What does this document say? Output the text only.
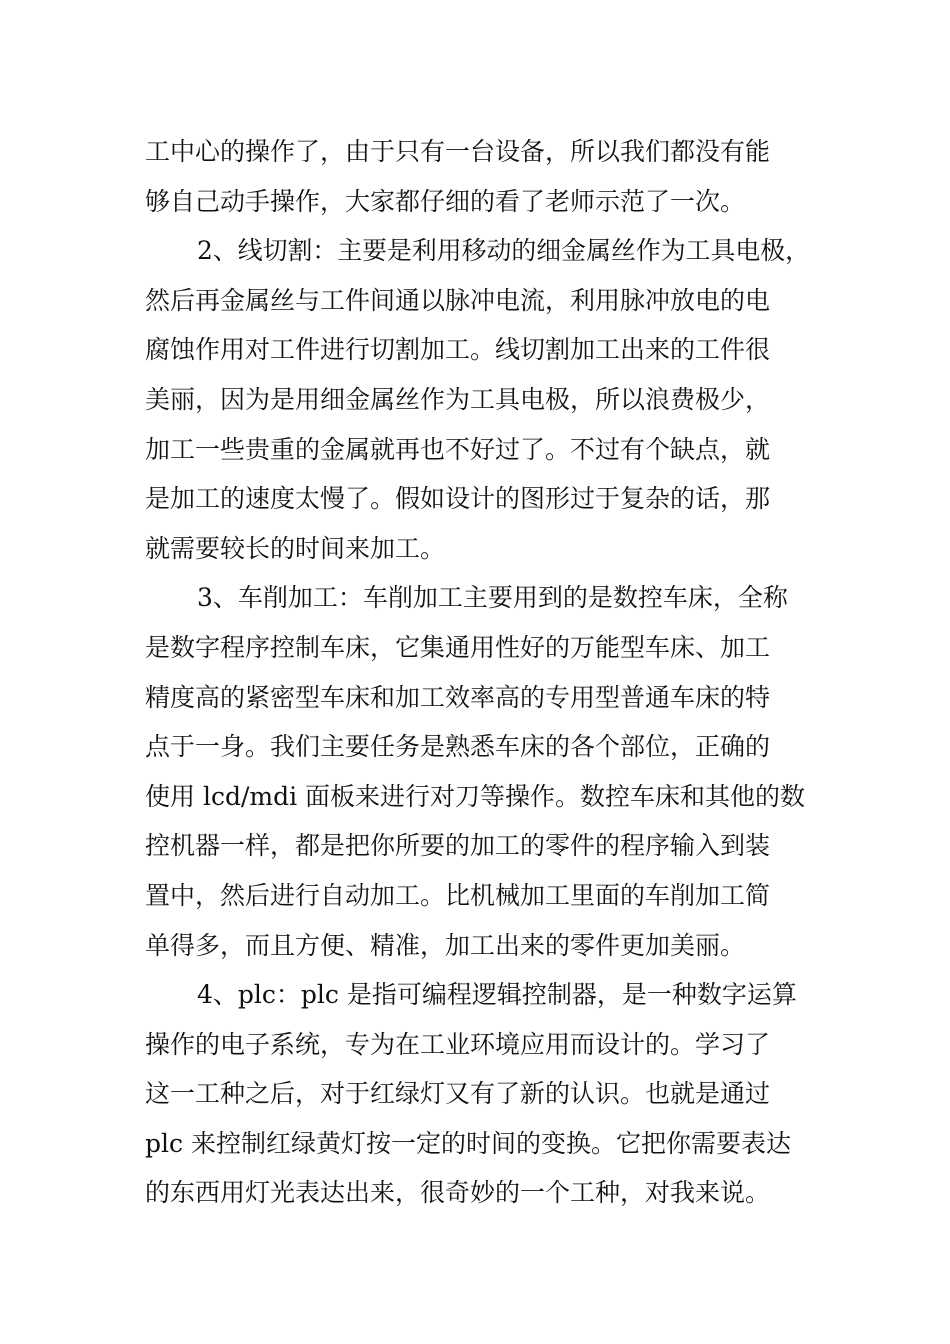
工中心的操作了，由于只有一台设备，所以我们都没有能
够自己动手操作，大家都仔细的看了老师示范了一次。
2、线切割：主要是利用移动的细金属丝作为工具电极，
然后再金属丝与工件间通以脉冲电流，利用脉冲放电的电
腐蚀作用对工件进行切割加工。线切割加工出来的工件很
美丽，因为是用细金属丝作为工具电极，所以浪费极少，
加工一些贵重的金属就再也不好过了。不过有个缺点，就
是加工的速度太慢了。假如设计的图形过于复杂的话，那
就需要较长的时间来加工。
3、车削加工：车削加工主要用到的是数控车床，全称
是数字程序控制车床，它集通用性好的万能型车床、加工
精度高的紧密型车床和加工效率高的专用型普通车床的特
点于一身。我们主要任务是熟悉车床的各个部位，正确的
使用 lcd/mdi 面板来进行对刀等操作。数控车床和其他的数
控机器一样，都是把你所要的加工的零件的程序输入到装
置中，然后进行自动加工。比机械加工里面的车削加工简
单得多，而且方便、精准，加工出来的零件更加美丽。
4、plc：plc 是指可编程逻辑控制器，是一种数字运算
操作的电子系统，专为在工业环境应用而设计的。学习了
这一工种之后，对于红绿灯又有了新的认识。也就是通过
plc 来控制红绿黄灯按一定的时间的变换。它把你需要表达
的东西用灯光表达出来，很奇妙的一个工种，对我来说。
